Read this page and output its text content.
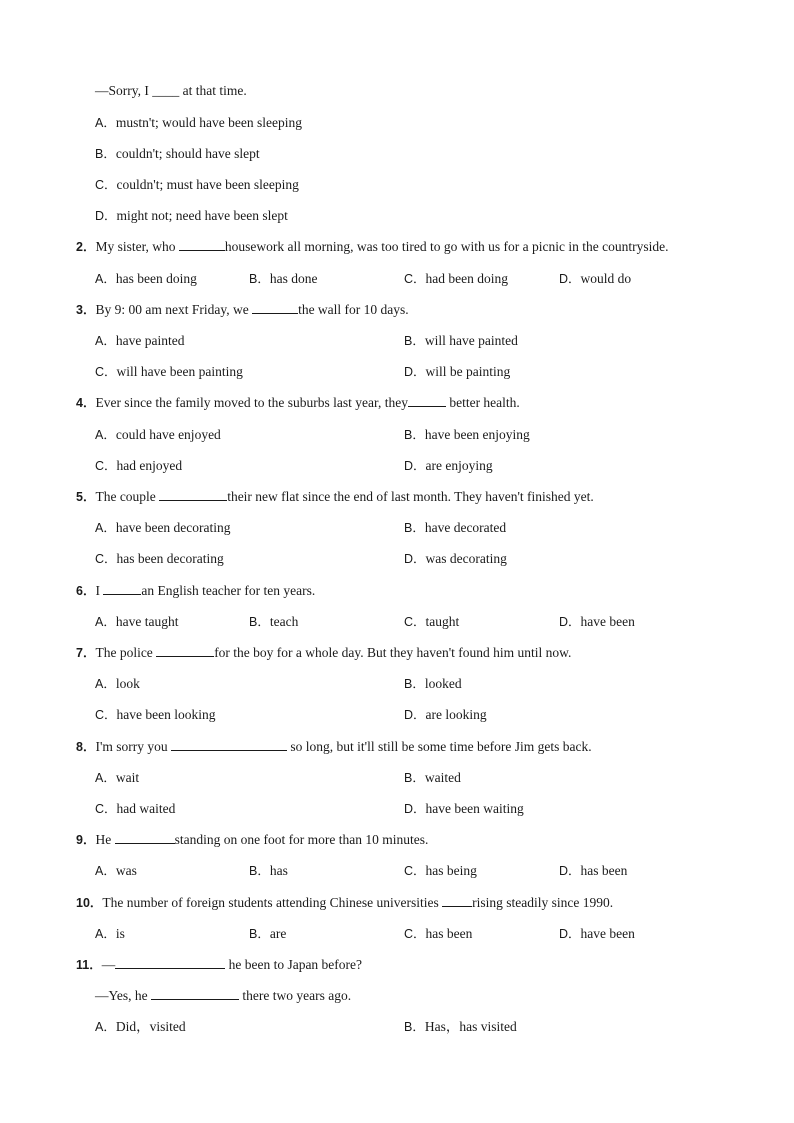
—Sorry, I ____ at that time.
A．mustn't; would have been sleeping
B．couldn't; should have slept
C．couldn't; must have been sleeping
D．might not; need have been slept
2．My sister, who	housework all morning, was too tired to go with us for a picnic in the countryside.
A．has been doing	B．has done	C．had been doing	D．would do
3．By 9: 00 am next Friday, we	the wall for 10 days.
A．have painted	B．will have painted
C．will have been painting	D．will be painting
4．Ever since the family moved to the suburbs last year, they	better health.
A．could have enjoyed	B．have been enjoying
C．had enjoyed	D．are enjoying
5．The couple	their new flat since the end of last month. They haven't finished yet.
A．have been decorating	B．have decorated
C．has been decorating	D．was decorating
6．I	an English teacher for ten years.
A．have taught	B．teach	C．taught	D．have been
7．The police	for the boy for a whole day. But they haven't found him until now.
A．look	B．looked
C．have been looking	D．are looking
8．I'm sorry you	so long, but it'll still be some time before Jim gets back.
A．wait	B．waited
C．had waited	D．have been waiting
9．He	standing on one foot for more than 10 minutes.
A．was	B．has	C．has being	D．has been
10．The number of foreign students attending Chinese universities rising steadily since 1990.
A．is	B．are	C．has been	D．have been
11．—	he been to Japan before?
—Yes, he	there two years ago.
A．Did，visited	B．Has，has visited
